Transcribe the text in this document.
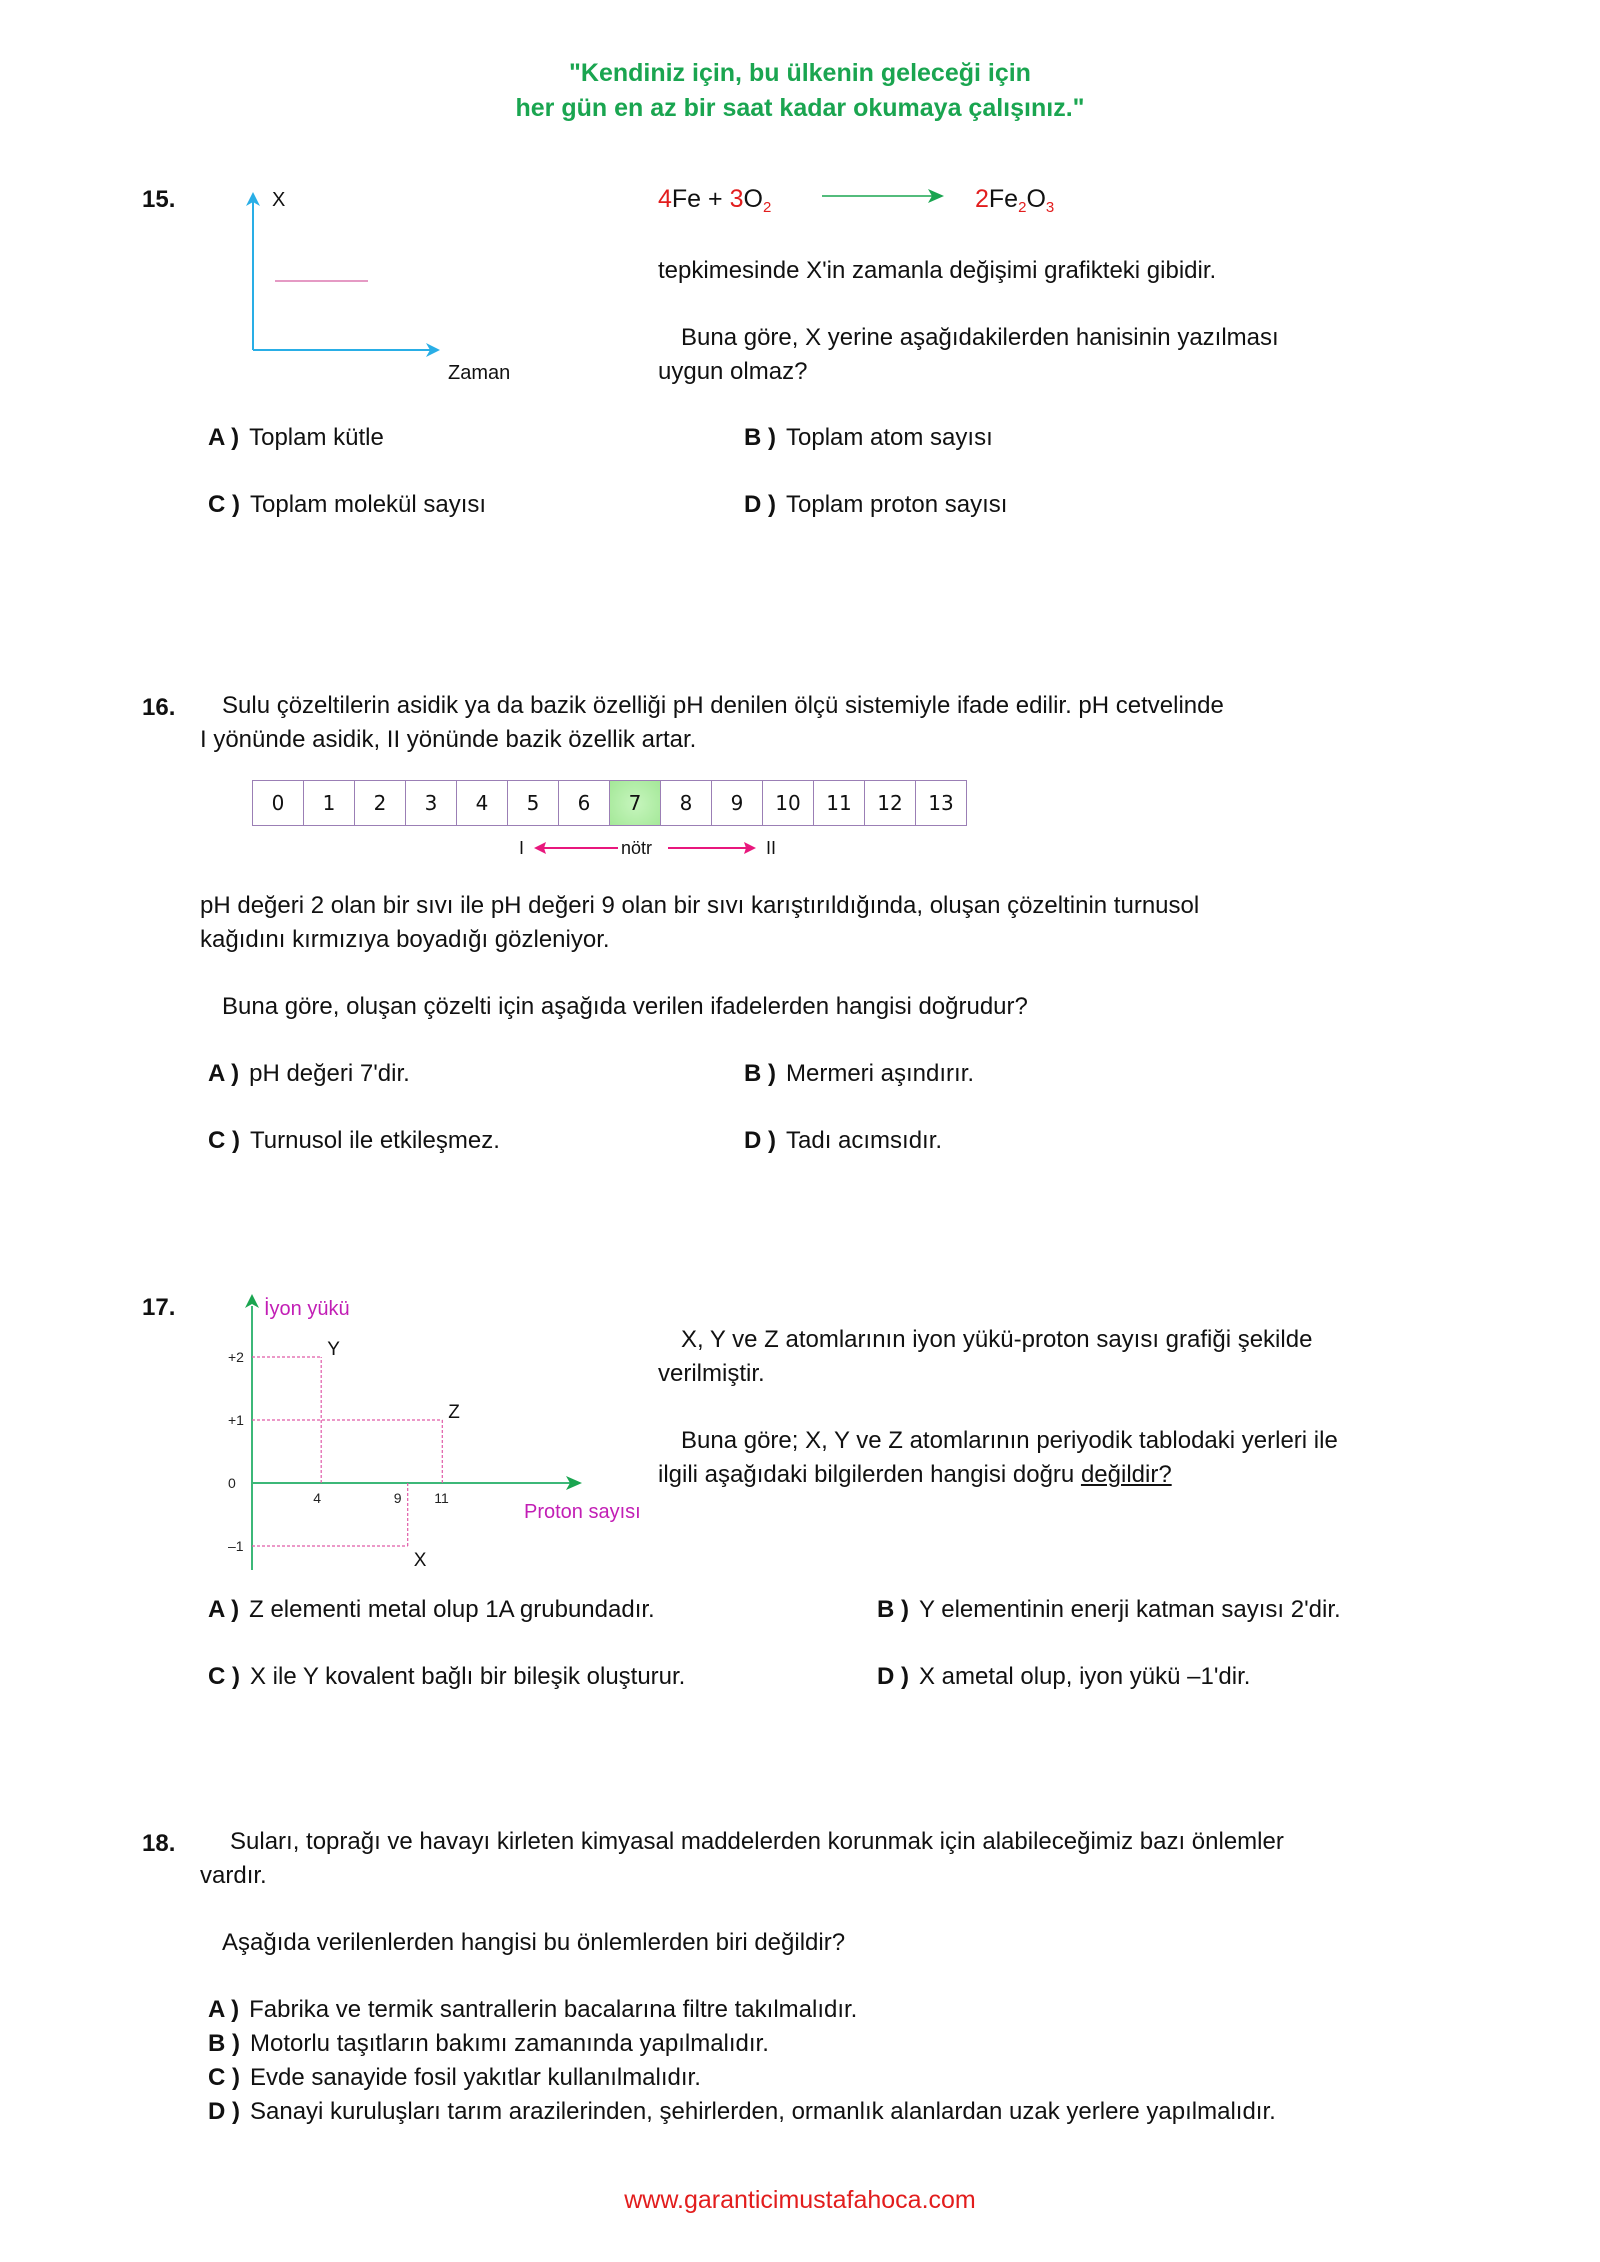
"Kendiniz için, bu ülkenin geleceği için
her gün en az bir saat kadar okumaya çalışınız."
15.	X
Zaman
$4Fe + 3O_2$	$2Fe_2O_3$
tepkimesinde X'in zamanla değişimi grafikteki gibidir.
Buna göre, X yerine aşağıdakilerden hanisinin yazılması
uygun olmaz?
A ) Toplam kütle	B ) Toplam atom sayısı
C ) Toplam molekül sayısı	D ) Toplam proton sayısı
16. Sulu çözeltilerin asidik ya da bazik özelliği pH denilen ölçü sistemiyle ifade edilir. pH cetvelinde
I yönünde asidik, II yönünde bazik özellik artar.
0	1	2	3	4	5	6	7	8	9	10	11	12	13
I	nötr	II
pH değeri 2 olan bir sıvı ile pH değeri 9 olan bir sıvı karıştırıldığında, oluşan çözeltinin turnusol
kağıdını kırmızıya boyadığı gözleniyor.
Buna göre, oluşan çözelti için aşağıda verilen ifadelerden hangisi doğrudur?
A ) pH değeri 7'dir.	B ) Mermeri aşındırır.
C ) Turnusol ile etkileşmez.	D ) Tadı acımsıdır.
17.	İyon yükü
Proton sayısı
+2
+1
0
–1
Y
4
X
9
Z
11
X, Y ve Z atomlarının iyon yükü-proton sayısı grafiği şekilde
verilmiştir.
Buna göre; X, Y ve Z atomlarının periyodik tablodaki yerleri ile
ilgili aşağıdaki bilgilerden hangisi doğru değildir?
A ) Z elementi metal olup 1A grubundadır.	B ) Y elementinin enerji katman sayısı 2'dir.
C ) X ile Y kovalent bağlı bir bileşik oluşturur.	D ) X ametal olup, iyon yükü –1'dir.
18. Suları, toprağı ve havayı kirleten kimyasal maddelerden korunmak için alabileceğimiz bazı önlemler
vardır.
Aşağıda verilenlerden hangisi bu önlemlerden biri değildir?
A ) Fabrika ve termik santrallerin bacalarına filtre takılmalıdır.
B ) Motorlu taşıtların bakımı zamanında yapılmalıdır.
C ) Evde sanayide fosil yakıtlar kullanılmalıdır.
D ) Sanayi kuruluşları tarım arazilerinden, şehirlerden, ormanlık alanlardan uzak yerlere yapılmalıdır.
www.garanticimustafahoca.com
